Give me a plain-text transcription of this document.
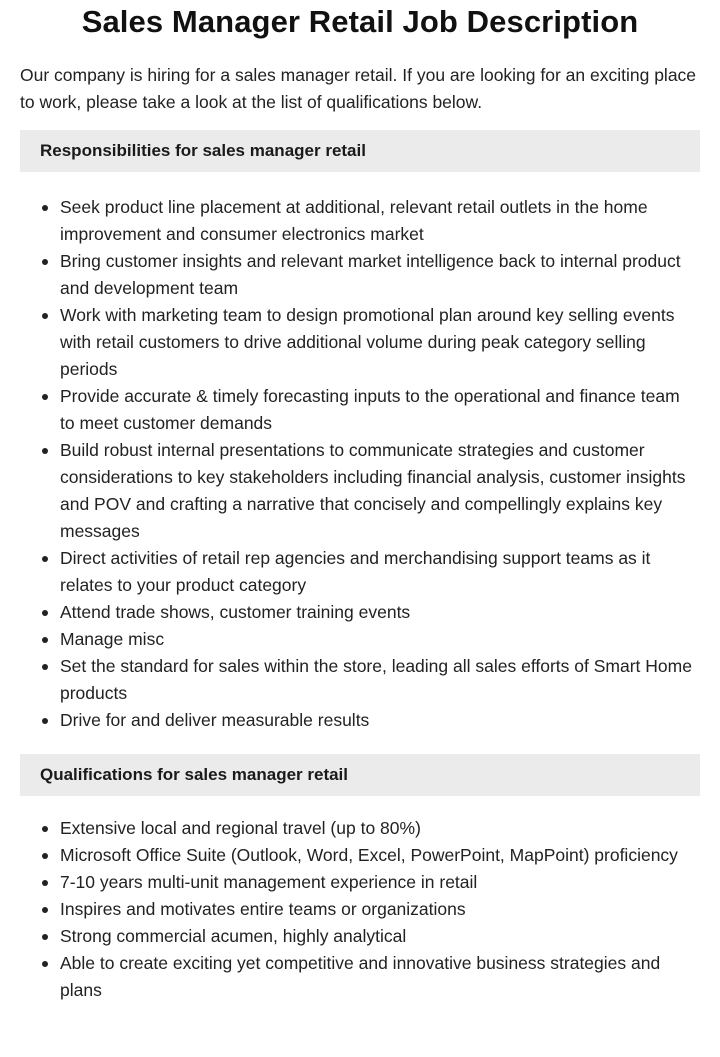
Sales Manager Retail Job Description

Our company is hiring for a sales manager retail. If you are looking for an exciting place to work, please take a look at the list of qualifications below.

Responsibilities for sales manager retail
Seek product line placement at additional, relevant retail outlets in the home improvement and consumer electronics market
Bring customer insights and relevant market intelligence back to internal product and development team
Work with marketing team to design promotional plan around key selling events with retail customers to drive additional volume during peak category selling periods
Provide accurate & timely forecasting inputs to the operational and finance team to meet customer demands
Build robust internal presentations to communicate strategies and customer considerations to key stakeholders including financial analysis, customer insights and POV and crafting a narrative that concisely and compellingly explains key messages
Direct activities of retail rep agencies and merchandising support teams as it relates to your product category
Attend trade shows, customer training events
Manage misc
Set the standard for sales within the store, leading all sales efforts of Smart Home products
Drive for and deliver measurable results
Qualifications for sales manager retail
Extensive local and regional travel (up to 80%)
Microsoft Office Suite (Outlook, Word, Excel, PowerPoint, MapPoint) proficiency
7-10 years multi-unit management experience in retail
Inspires and motivates entire teams or organizations
Strong commercial acumen, highly analytical
Able to create exciting yet competitive and innovative business strategies and plans
